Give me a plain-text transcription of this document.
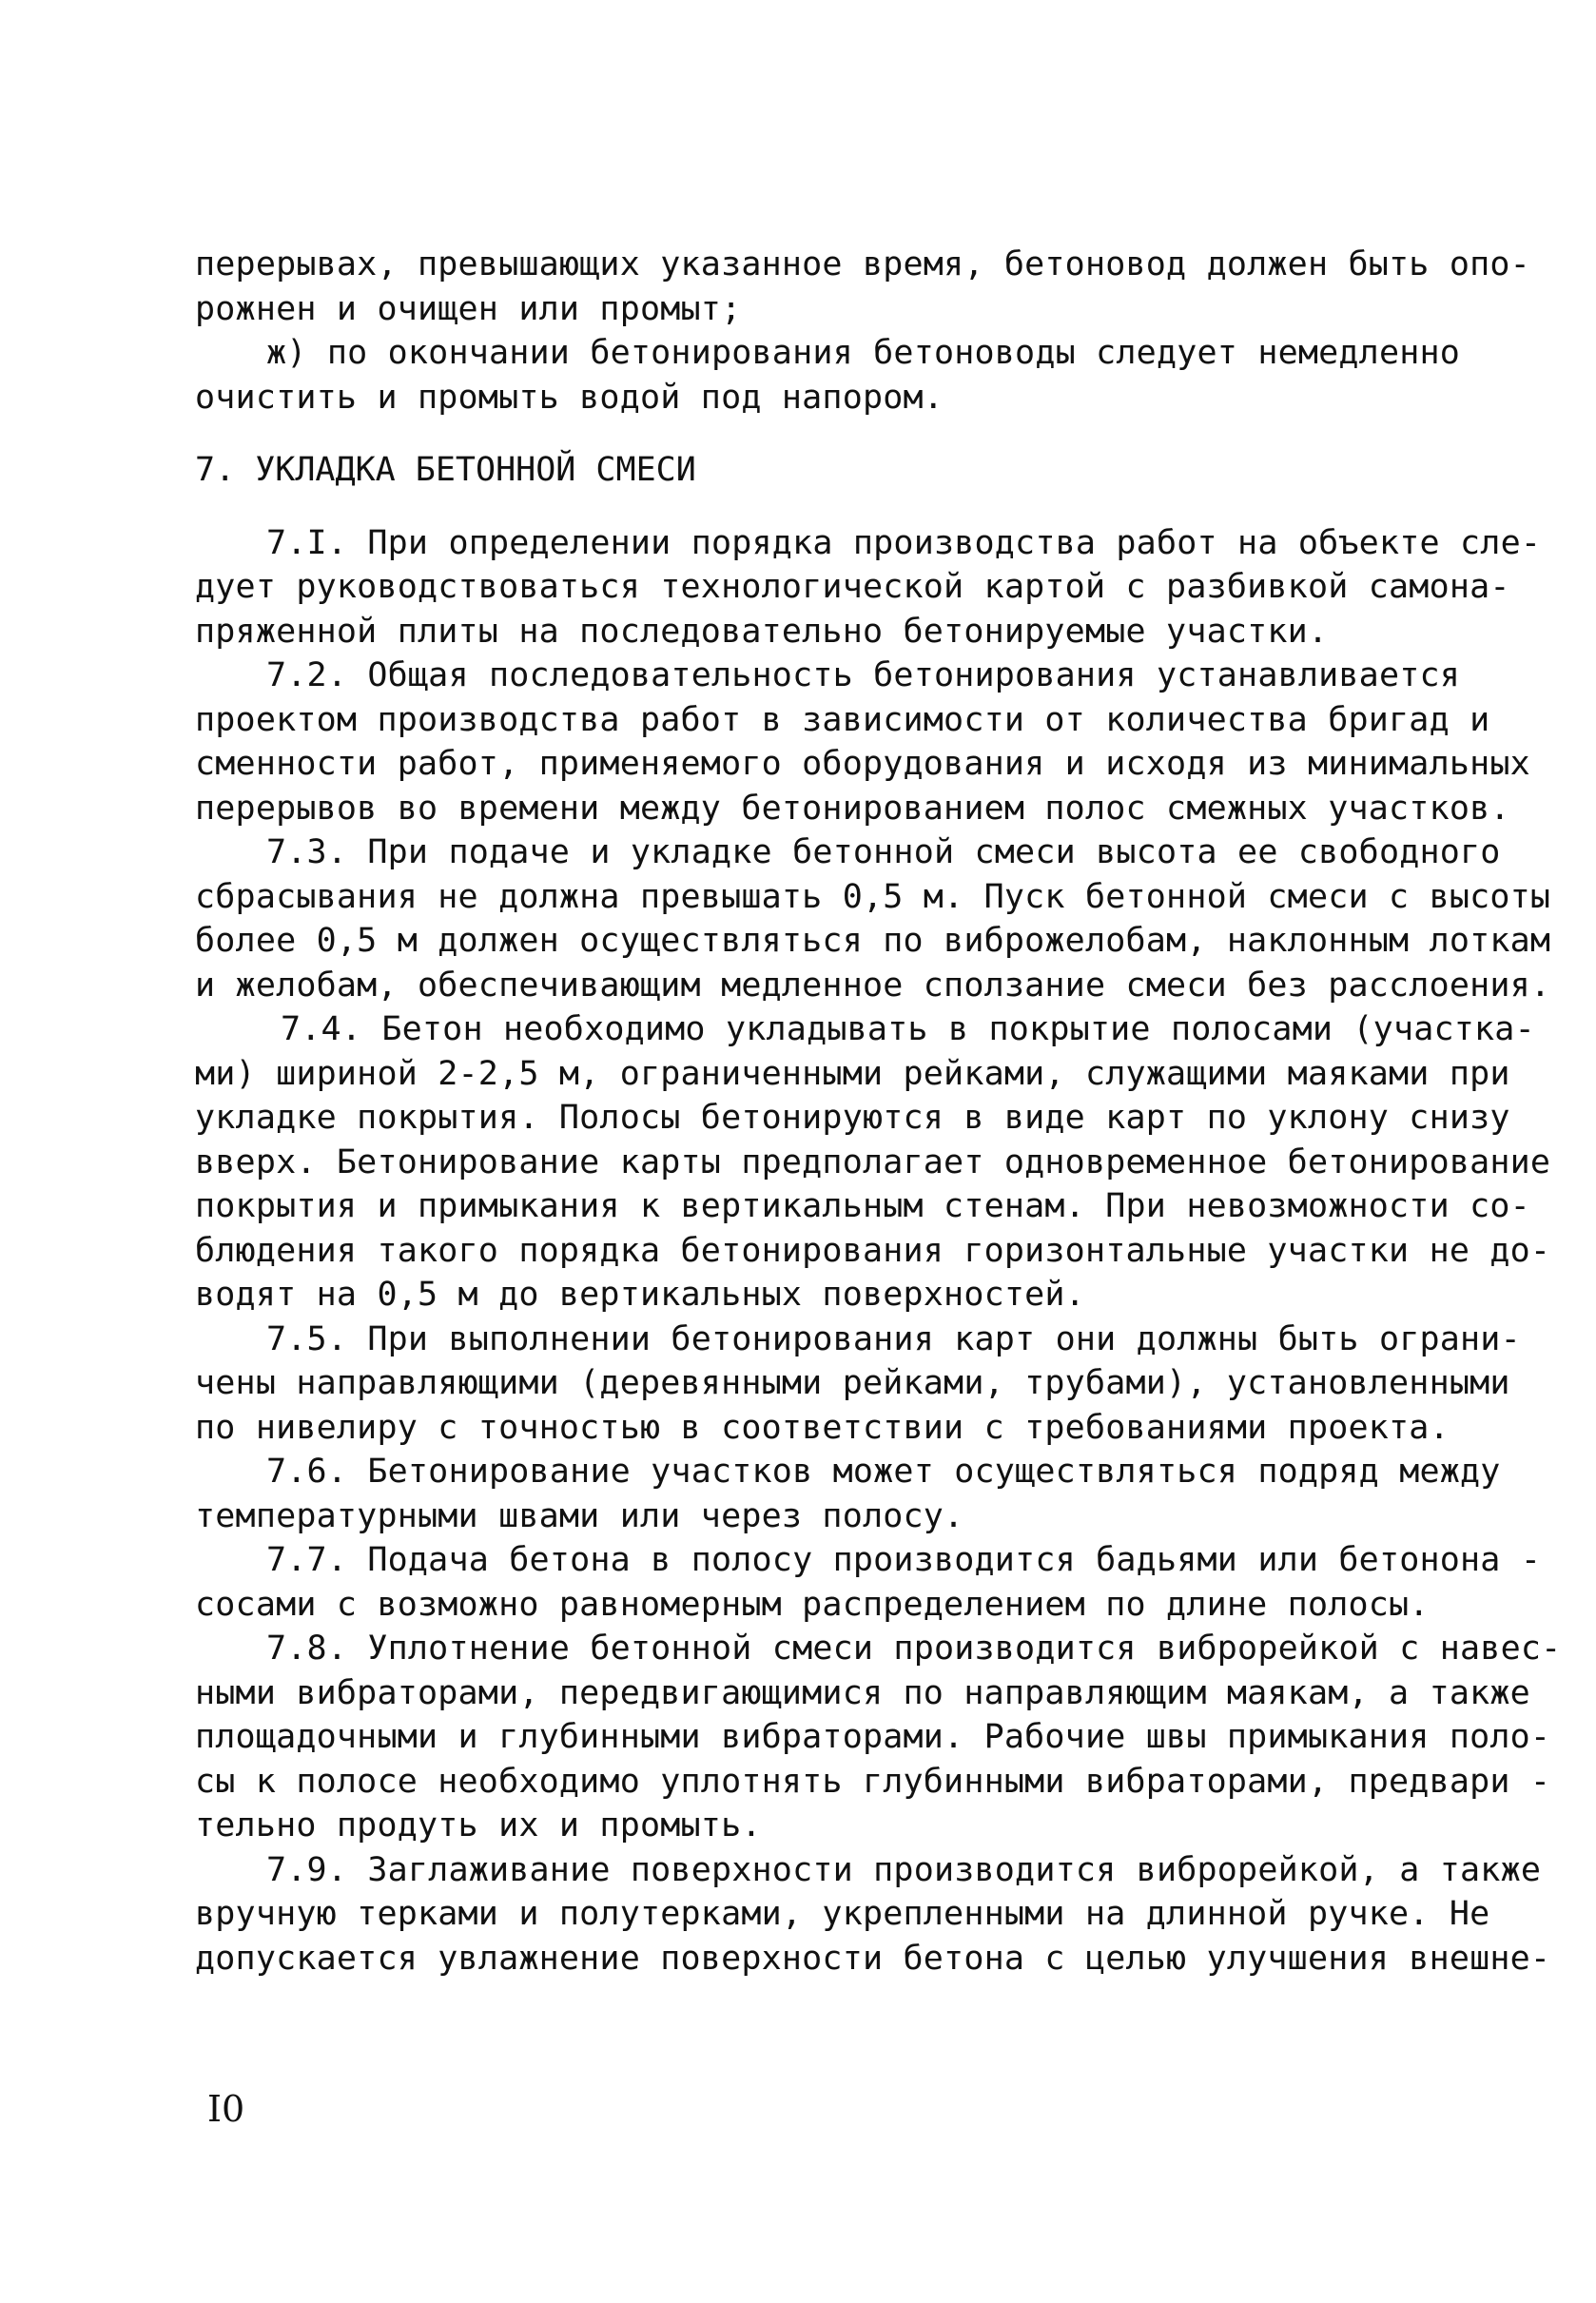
перерывах, превышающих указанное время, бетоновод должен быть опо-
рожнен и очищен или промыт;
ж) по окончании бетонирования бетоноводы следует немедленно
очистить и промыть водой под напором.
7. УКЛАДКА БЕТОННОЙ СМЕСИ
7.I. При определении порядка производства работ на объекте сле-
дует руководствоваться технологической картой с разбивкой самона-
пряженной плиты на последовательно бетонируемые участки.
7.2. Общая последовательность бетонирования устанавливается
проектом производства работ в зависимости от количества бригад и
сменности работ, применяемого оборудования и исходя из минимальных
перерывов во времени между бетонированием полос смежных участков.
7.3. При подаче и укладке бетонной смеси высота ее свободного
сбрасывания не должна превышать 0,5 м. Пуск бетонной смеси с высоты
более 0,5 м должен осуществляться по виброжелобам, наклонным лоткам
и желобам, обеспечивающим медленное сползание смеси без расслоения.
7.4. Бетон необходимо укладывать в покрытие полосами (участка-
ми) шириной 2-2,5 м, ограниченными рейками, служащими маяками при
укладке покрытия. Полосы бетонируются в виде карт по уклону снизу
вверх. Бетонирование карты предполагает одновременное бетонирование
покрытия и примыкания к вертикальным стенам. При невозможности со-
блюдения такого порядка бетонирования горизонтальные участки не до-
водят на 0,5 м до вертикальных поверхностей.
7.5. При выполнении бетонирования карт они должны быть ограни-
чены направляющими (деревянными рейками, трубами), установленными
по нивелиру с точностью в соответствии с требованиями проекта.
7.6. Бетонирование участков может осуществляться подряд между
температурными швами или через полосу.
7.7. Подача бетона в полосу производится бадьями или бетонона -
сосами с возможно равномерным распределением по длине полосы.
7.8. Уплотнение бетонной смеси производится виброрейкой с навес-
ными вибраторами, передвигающимися по направляющим маякам, а также
площадочными и глубинными вибраторами. Рабочие швы примыкания поло-
сы к полосе необходимо уплотнять глубинными вибраторами, предвари -
тельно продуть их и промыть.
7.9. Заглаживание поверхности производится виброрейкой, а также
вручную терками и полутерками, укрепленными на длинной ручке. Не
допускается увлажнение поверхности бетона с целью улучшения внешне-
I0
